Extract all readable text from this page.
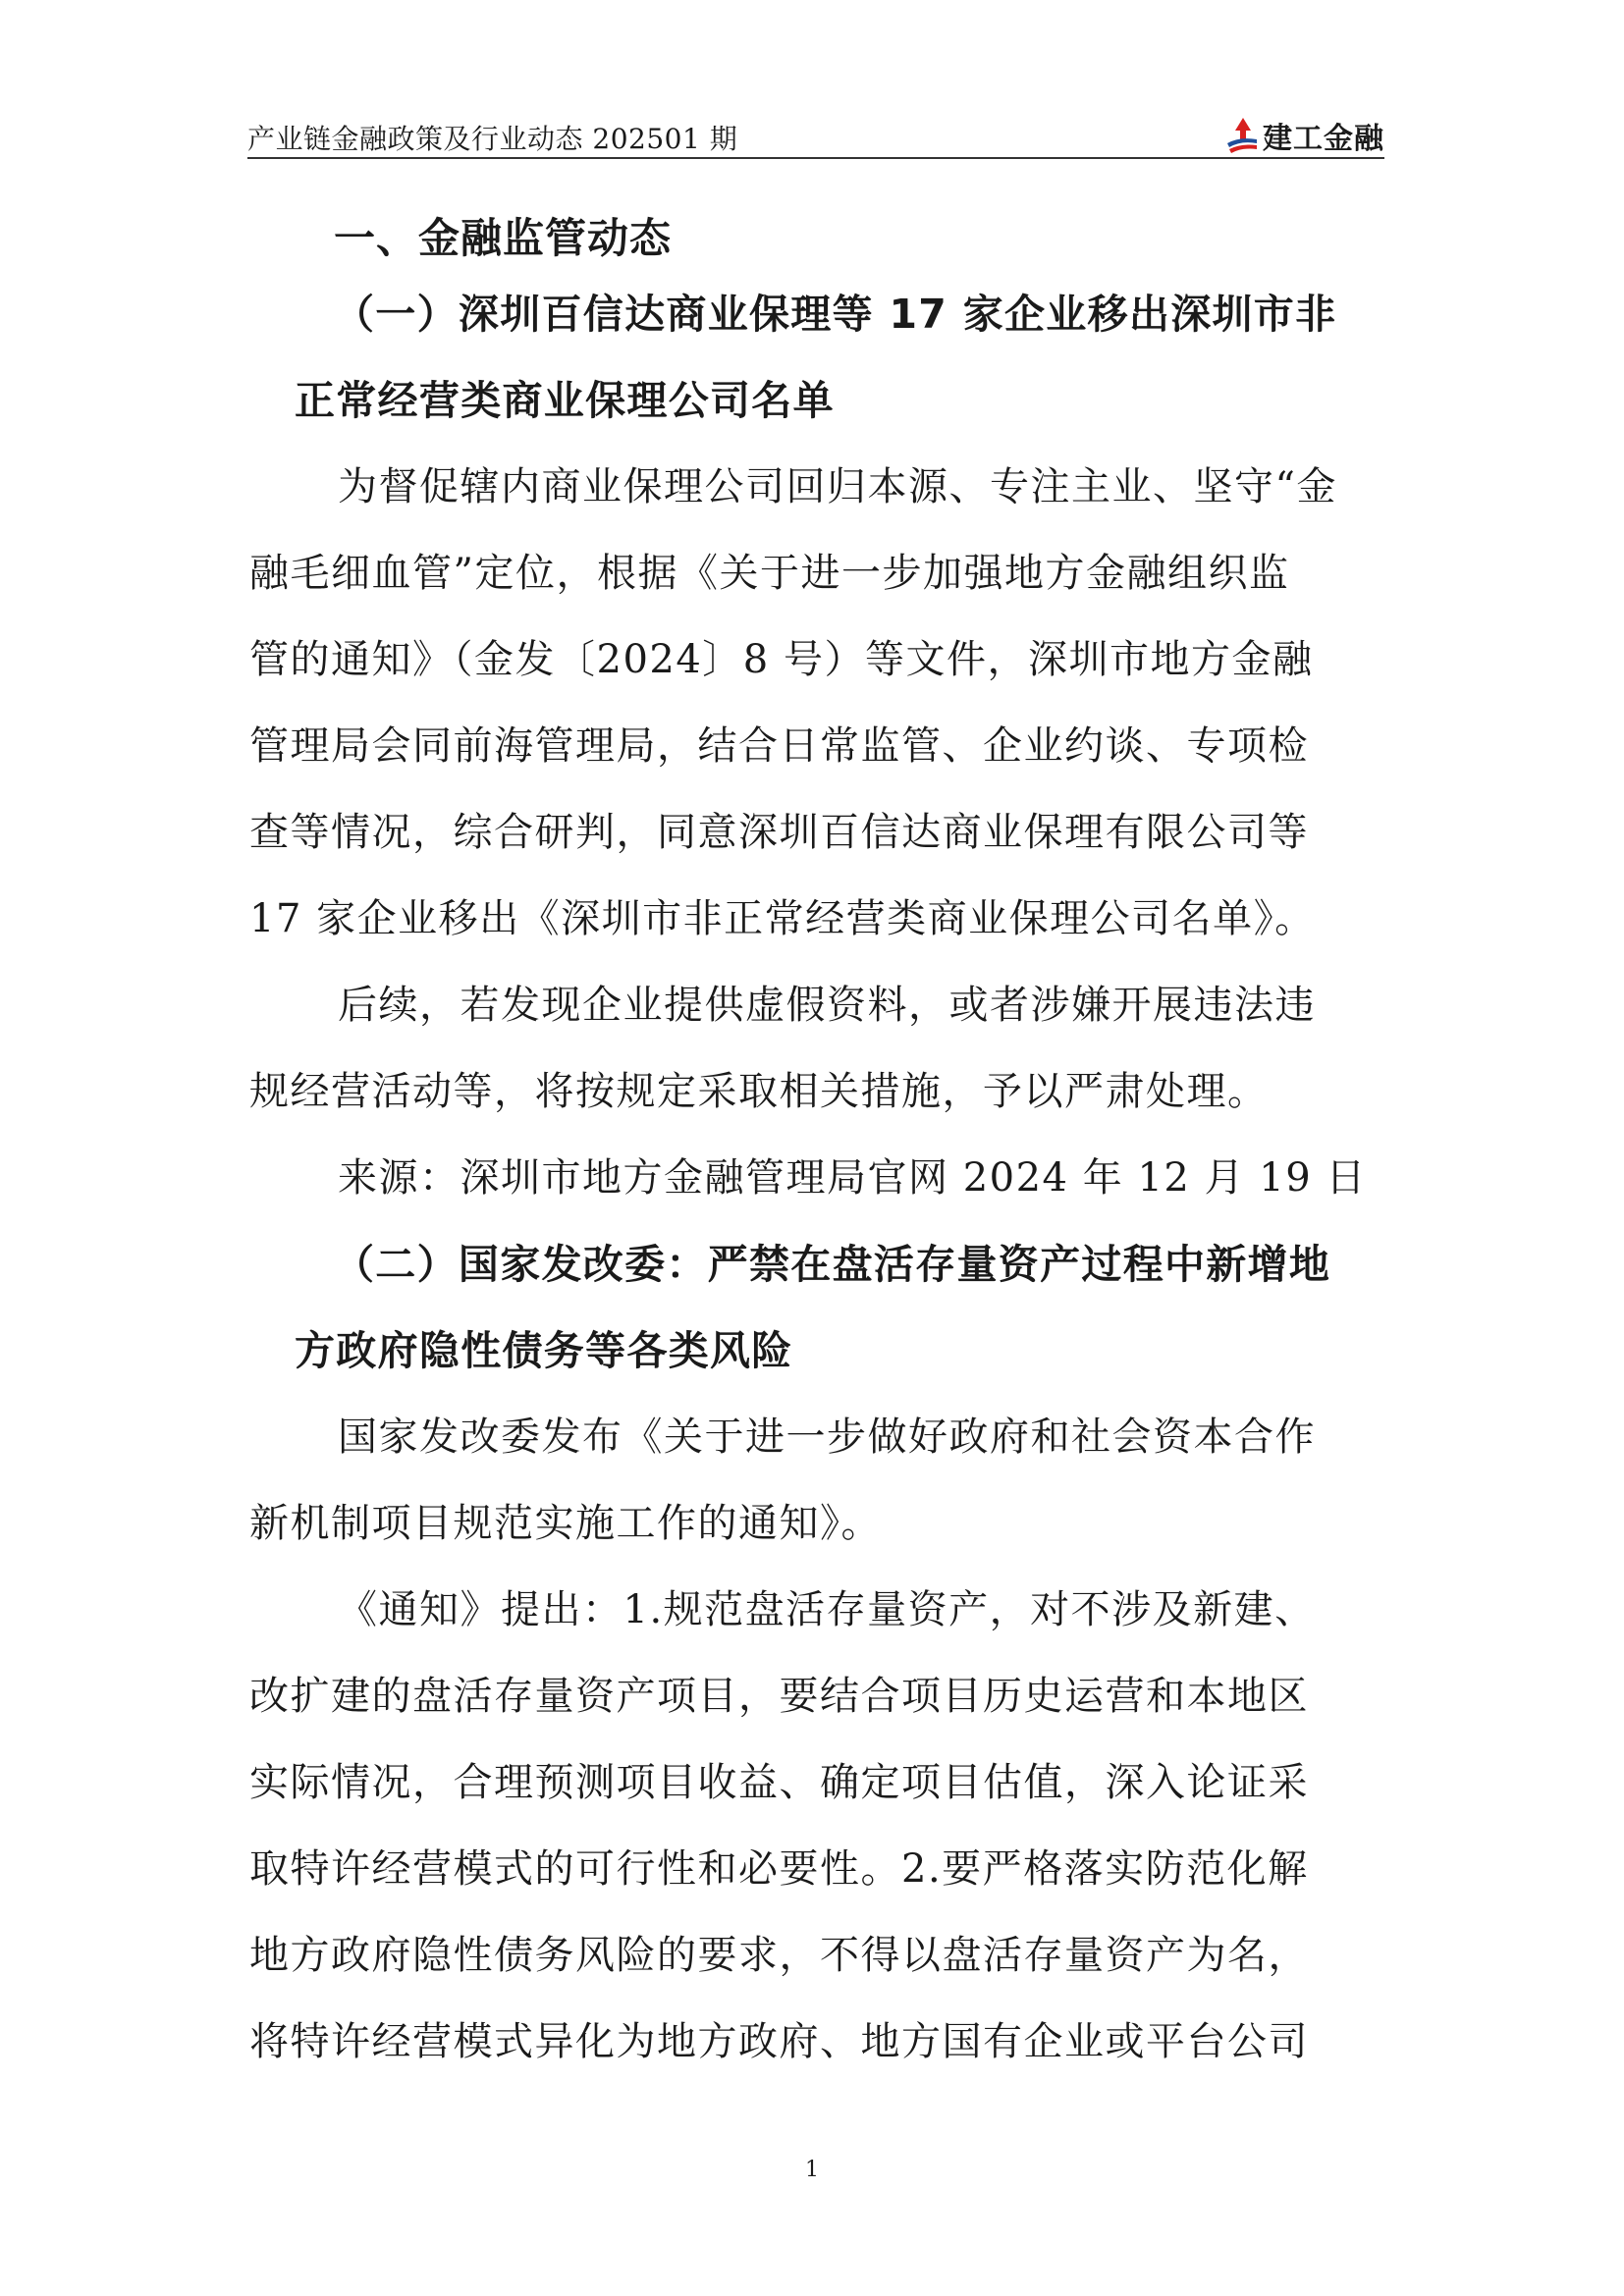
产业链金融政策及行业动态 202501 期	建工金融
一、金融监管动态
（一）深圳百信达商业保理等 17 家企业移出深圳市非
正常经营类商业保理公司名单
为督促辖内商业保理公司回归本源、专注主业、坚守“金
融毛细血管”定位，根据《关于进一步加强地方金融组织监
管的通知》（金发〔2024〕8 号）等文件，深圳市地方金融
管理局会同前海管理局，结合日常监管、企业约谈、专项检
查等情况，综合研判，同意深圳百信达商业保理有限公司等
17 家企业移出《深圳市非正常经营类商业保理公司名单》。
后续，若发现企业提供虚假资料，或者涉嫌开展违法违
规经营活动等，将按规定采取相关措施，予以严肃处理。
来源：深圳市地方金融管理局官网 2024 年 12 月 19 日
（二）国家发改委：严禁在盘活存量资产过程中新增地
方政府隐性债务等各类风险
国家发改委发布《关于进一步做好政府和社会资本合作
新机制项目规范实施工作的通知》。
《通知》提出：1.规范盘活存量资产，对不涉及新建、
改扩建的盘活存量资产项目，要结合项目历史运营和本地区
实际情况，合理预测项目收益、确定项目估值，深入论证采
取特许经营模式的可行性和必要性。2.要严格落实防范化解
地方政府隐性债务风险的要求，不得以盘活存量资产为名，
将特许经营模式异化为地方政府、地方国有企业或平台公司
1
